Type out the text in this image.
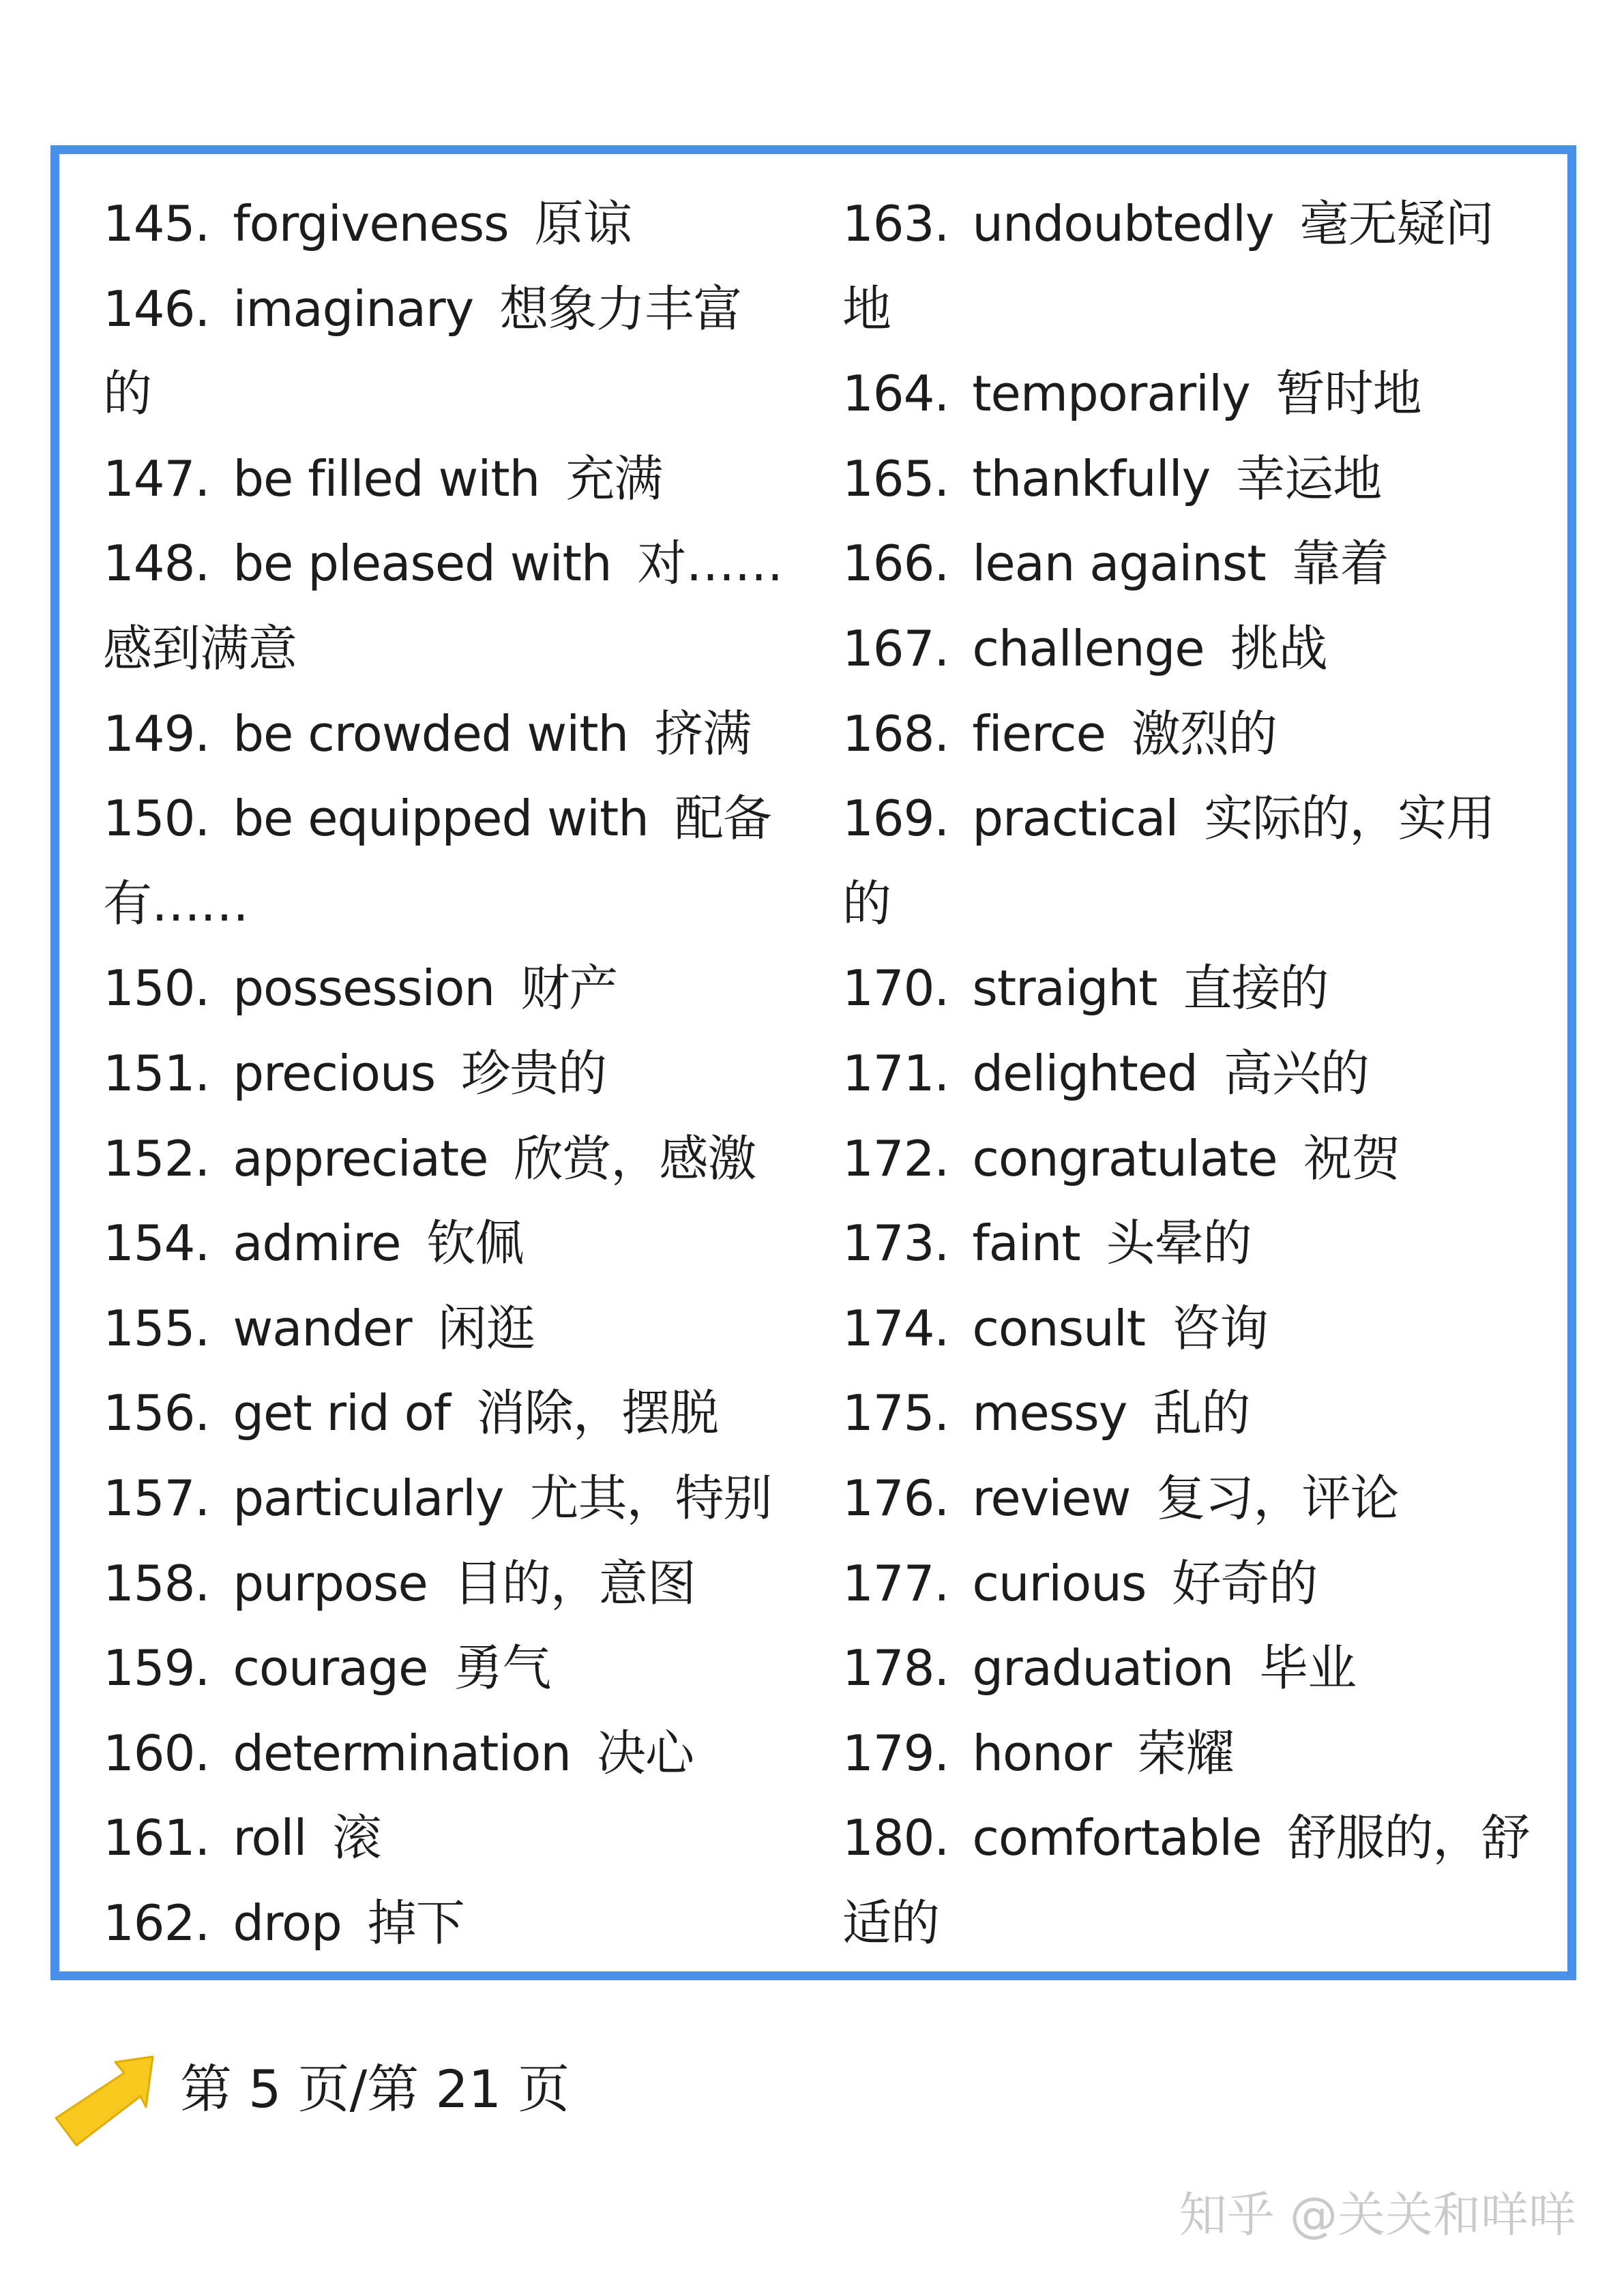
145. forgiveness 原谅
146. imaginary 想象力丰富
的
147. be filled with 充满
148. be pleased with 对……
感到满意
149. be crowded with 挤满
150. be equipped with 配备
有……
150. possession 财产
151. precious 珍贵的
152. appreciate 欣赏，感激
154. admire 钦佩
155. wander 闲逛
156. get rid of 消除，摆脱
157. particularly 尤其，特别
158. purpose 目的，意图
159. courage 勇气
160. determination 决心
161. roll 滚
162. drop 掉下
163. undoubtedly 毫无疑问
地
164. temporarily 暂时地
165. thankfully 幸运地
166. lean against 靠着
167. challenge 挑战
168. fierce 激烈的
169. practical 实际的，实用
的
170. straight 直接的
171. delighted 高兴的
172. congratulate 祝贺
173. faint 头晕的
174. consult 咨询
175. messy 乱的
176. review 复习，评论
177. curious 好奇的
178. graduation 毕业
179. honor 荣耀
180. comfortable 舒服的，舒
适的
第 5 页/第 21 页
知乎 @关关和咩咩
